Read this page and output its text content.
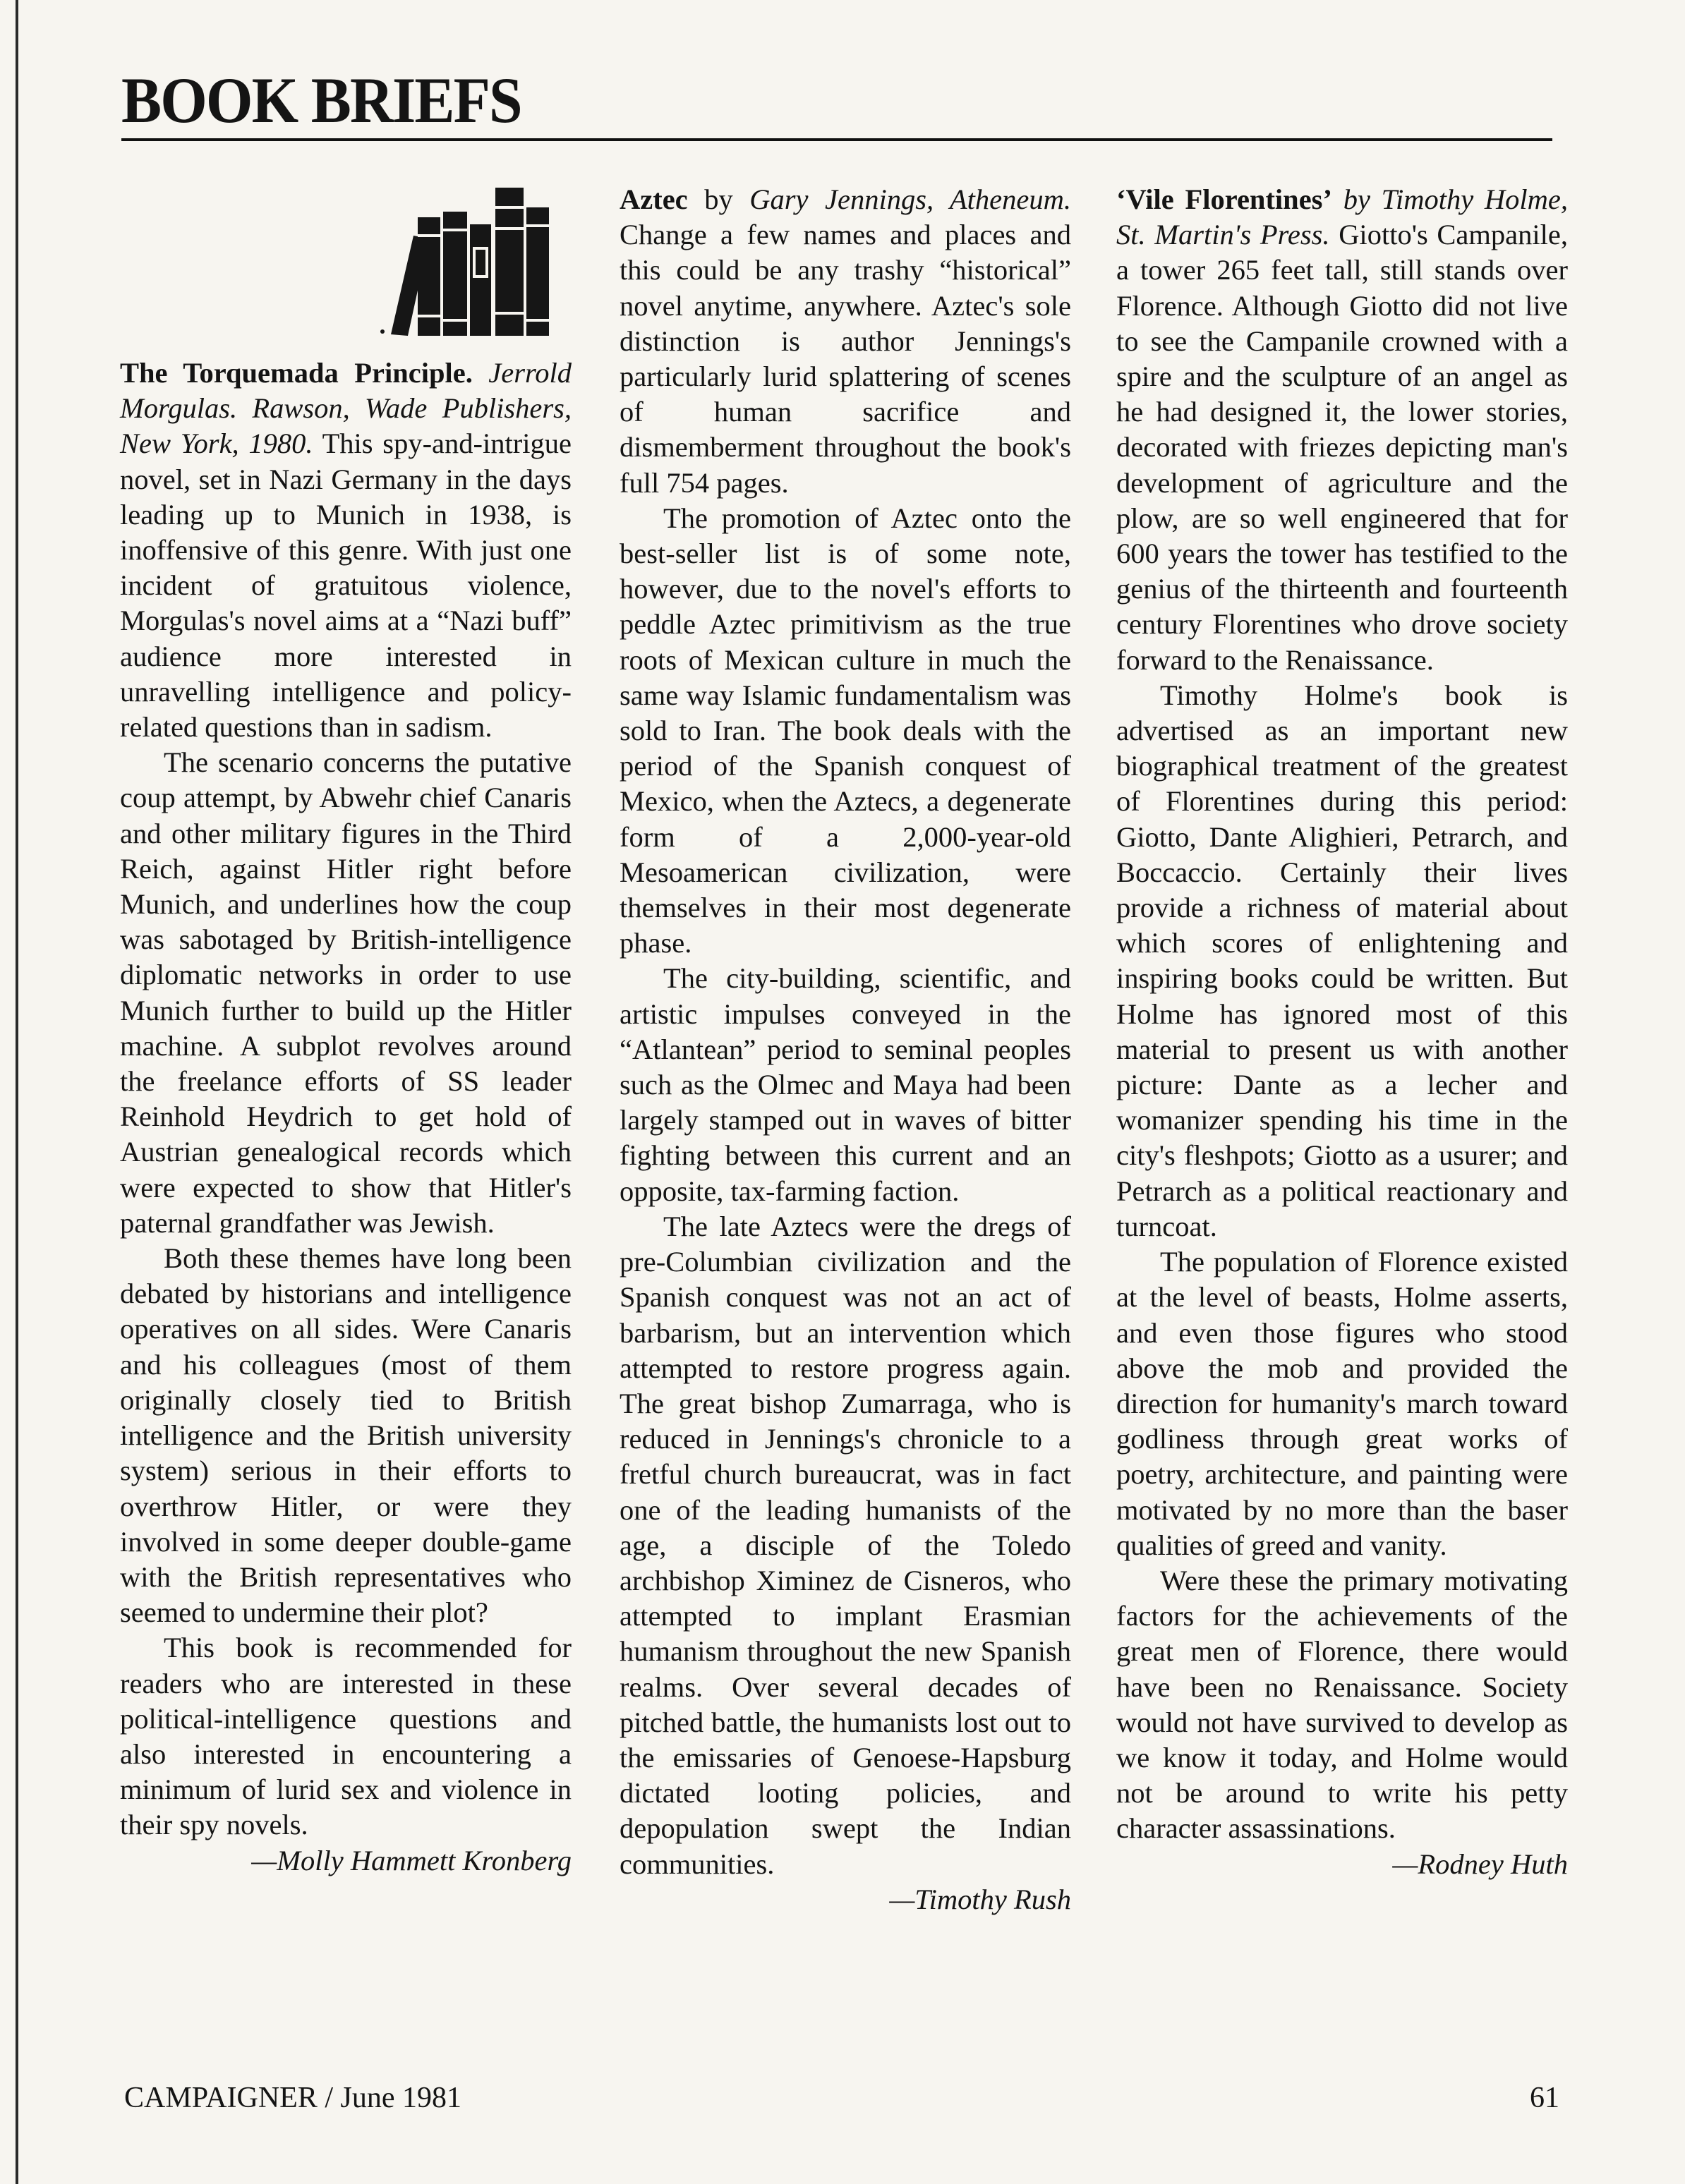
BOOK BRIEFS

The Torquemada Principle. Jerrold Morgulas. Rawson, Wade Publishers, New York, 1980. This spy-and-intrigue novel, set in Nazi Germany in the days leading up to Munich in 1938, is inoffensive of this genre. With just one incident of gratuitous violence, Morgulas's novel aims at a “Nazi buff” audience more interested in unravelling intelligence and policy-related questions than in sadism.

The scenario concerns the putative coup attempt, by Abwehr chief Canaris and other military figures in the Third Reich, against Hitler right before Munich, and underlines how the coup was sabotaged by British-intelligence diplomatic networks in order to use Munich further to build up the Hitler machine. A subplot revolves around the freelance efforts of SS leader Reinhold Heydrich to get hold of Austrian genealogical records which were expected to show that Hitler's paternal grandfather was Jewish.

Both these themes have long been debated by historians and intelligence operatives on all sides. Were Canaris and his colleagues (most of them originally closely tied to British intelligence and the British university system) serious in their efforts to overthrow Hitler, or were they involved in some deeper double-game with the British representatives who seemed to undermine their plot?

This book is recommended for readers who are interested in these political-intelligence questions and also interested in encountering a minimum of lurid sex and violence in their spy novels.

—Molly Hammett Kronberg

Aztec by Gary Jennings, Atheneum. Change a few names and places and this could be any trashy “historical” novel anytime, anywhere. Aztec's sole distinction is author Jennings's particularly lurid splattering of scenes of human sacrifice and dismemberment throughout the book's full 754 pages.

The promotion of Aztec onto the best-seller list is of some note, however, due to the novel's efforts to peddle Aztec primitivism as the true roots of Mexican culture in much the same way Islamic fundamentalism was sold to Iran. The book deals with the period of the Spanish conquest of Mexico, when the Aztecs, a degenerate form of a 2,000-year-old Mesoamerican civilization, were themselves in their most degenerate phase.

The city-building, scientific, and artistic impulses conveyed in the “Atlantean” period to seminal peoples such as the Olmec and Maya had been largely stamped out in waves of bitter fighting between this current and an opposite, tax-farming faction.

The late Aztecs were the dregs of pre-Columbian civilization and the Spanish conquest was not an act of barbarism, but an intervention which attempted to restore progress again. The great bishop Zumarraga, who is reduced in Jennings's chronicle to a fretful church bureaucrat, was in fact one of the leading humanists of the age, a disciple of the Toledo archbishop Ximinez de Cisneros, who attempted to implant Erasmian humanism throughout the new Spanish realms. Over several decades of pitched battle, the humanists lost out to the emissaries of Genoese-Hapsburg dictated looting policies, and depopulation swept the Indian communities.

—Timothy Rush

‘Vile Florentines’ by Timothy Holme, St. Martin's Press. Giotto's Campanile, a tower 265 feet tall, still stands over Florence. Although Giotto did not live to see the Campanile crowned with a spire and the sculpture of an angel as he had designed it, the lower stories, decorated with friezes depicting man's development of agriculture and the plow, are so well engineered that for 600 years the tower has testified to the genius of the thirteenth and fourteenth century Florentines who drove society forward to the Renaissance.

Timothy Holme's book is advertised as an important new biographical treatment of the greatest of Florentines during this period: Giotto, Dante Alighieri, Petrarch, and Boccaccio. Certainly their lives provide a richness of material about which scores of enlightening and inspiring books could be written. But Holme has ignored most of this material to present us with another picture: Dante as a lecher and womanizer spending his time in the city's fleshpots; Giotto as a usurer; and Petrarch as a political reactionary and turncoat.

The population of Florence existed at the level of beasts, Holme asserts, and even those figures who stood above the mob and provided the direction for humanity's march toward godliness through great works of poetry, architecture, and painting were motivated by no more than the baser qualities of greed and vanity.

Were these the primary motivating factors for the achievements of the great men of Florence, there would have been no Renaissance. Society would not have survived to develop as we know it today, and Holme would not be around to write his petty character assassinations.

—Rodney Huth

CAMPAIGNER / June 1981	61
